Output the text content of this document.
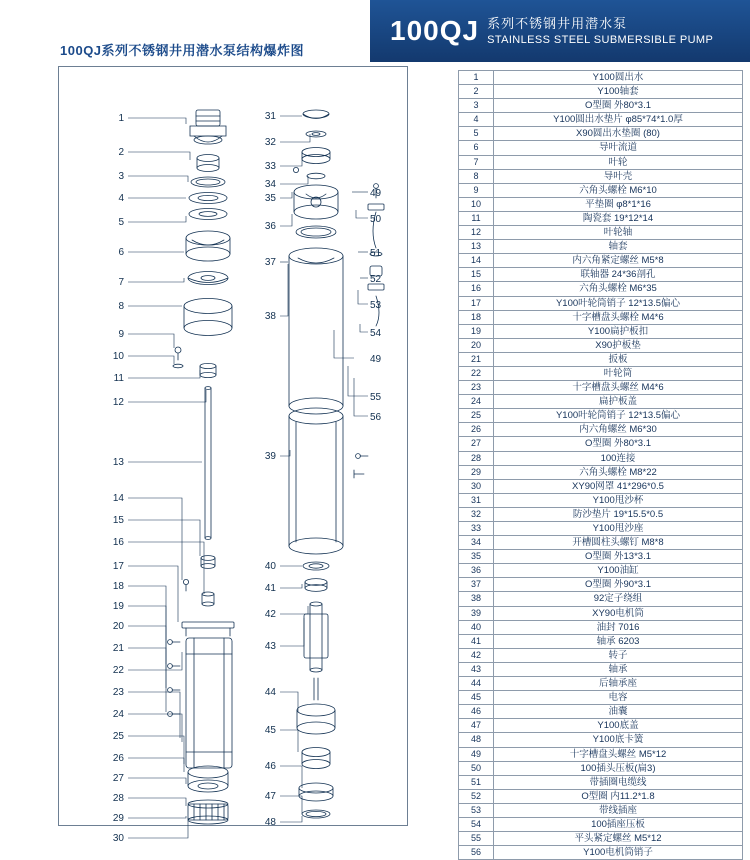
100QJ 系列不锈钢井用潜水泵
STAINLESS STEEL SUBMERSIBLE PUMP
100QJ系列不锈钢井用潜水泵结构爆炸图
1
2
3
4
5
6
7
8
9
10
11
12
13
14
15
16
17
18
19
20
21
22
23
24
25
26
27
28
29
30
31
32
33
34
35
36
37
38
39
40
41
42
43
44
45
46
47
48
49
50
51
52
53
54
49
55
56
1	Y100圆出水
2	Y100轴套
3	O型圈 外80*3.1
4	Y100圆出水垫片 φ85*74*1.0厚
5	X90圆出水垫圈 (80)
6	导叶流道
7	叶轮
8	导叶壳
9	六角头螺栓 M6*10
10	平垫圈 φ8*1*16
11	陶瓷套 19*12*14
12	叶轮轴
13	轴套
14	内六角紧定螺丝 M5*8
15	联轴器 24*36剖孔
16	六角头螺栓 M6*35
17	Y100叶轮筒销子 12*13.5偏心
18	十字槽盘头螺栓 M4*6
19	Y100扁护板扣
20	X90护板垫
21	扳板
22	叶轮筒
23	十字槽盘头螺丝 M4*6
24	扁护板盖
25	Y100叶轮筒销子 12*13.5偏心
26	内六角螺丝 M6*30
27	O型圈 外80*3.1
28	100连接
29	六角头螺栓 M8*22
30	XY90网罩 41*296*0.5
31	Y100甩沙杯
32	防沙垫片 19*15.5*0.5
33	Y100甩沙座
34	开槽圆柱头螺钉 M8*8
35	O型圈 外13*3.1
36	Y100油缸
37	O型圈 外90*3.1
38	92定子绕组
39	XY90电机筒
40	油封 7016
41	轴承 6203
42	转子
43	轴承
44	后轴承座
45	电容
46	油囊
47	Y100底盖
48	Y100底卡簧
49	十字槽盘头螺丝 M5*12
50	100插头压板(扁3)
51	带插圈电缆线
52	O型圈 内11.2*1.8
53	带线插座
54	100插座压板
55	平头紧定螺丝 M5*12
56	Y100电机筒销子
